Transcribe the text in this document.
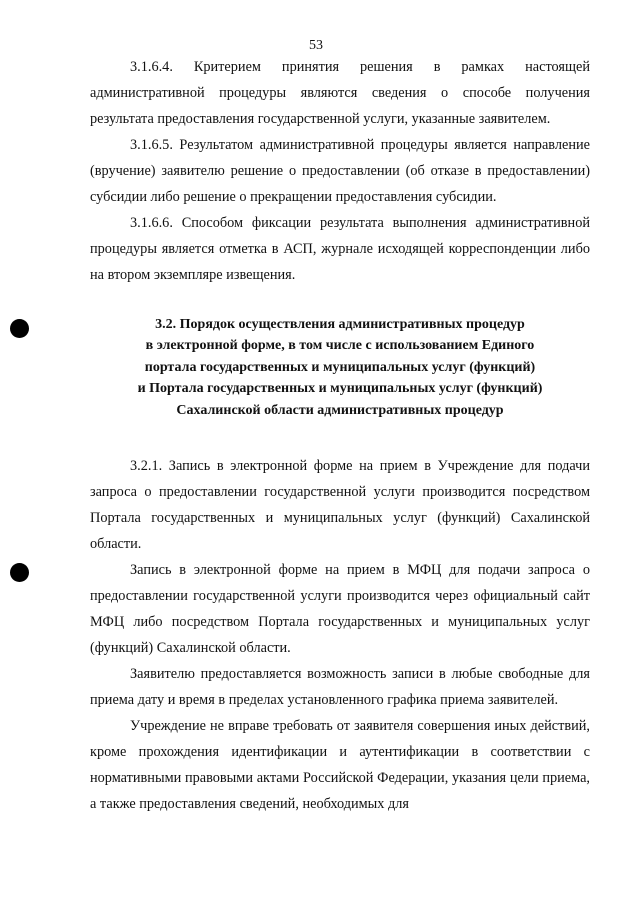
53

3.1.6.4. Критерием принятия решения в рамках настоящей административной процедуры являются сведения о способе получения результата предоставления государственной услуги, указанные заявителем.

3.1.6.5. Результатом административной процедуры является направление (вручение) заявителю решение о предоставлении (об отказе в предоставлении) субсидии либо решение о прекращении предоставления субсидии.

3.1.6.6. Способом фиксации результата выполнения административной процедуры является отметка в АСП, журнале исходящей корреспонденции либо на втором экземпляре извещения.

3.2. Порядок осуществления административных процедур
в электронной форме, в том числе с использованием Единого
портала государственных и муниципальных услуг (функций)
и Портала государственных и муниципальных услуг (функций)
Сахалинской области административных процедур

3.2.1. Запись в электронной форме на прием в Учреждение для подачи запроса о предоставлении государственной услуги производится посредством Портала государственных и муниципальных услуг (функций) Сахалинской области.

Запись в электронной форме на прием в МФЦ для подачи запроса о предоставлении государственной услуги производится через официальный сайт МФЦ либо посредством Портала государственных и муниципальных услуг (функций) Сахалинской области.

Заявителю предоставляется возможность записи в любые свободные для приема дату и время в пределах установленного графика приема заявителей.

Учреждение не вправе требовать от заявителя совершения иных действий, кроме прохождения идентификации и аутентификации в соответствии с нормативными правовыми актами Российской Федерации, указания цели приема, а также предоставления сведений, необходимых для
